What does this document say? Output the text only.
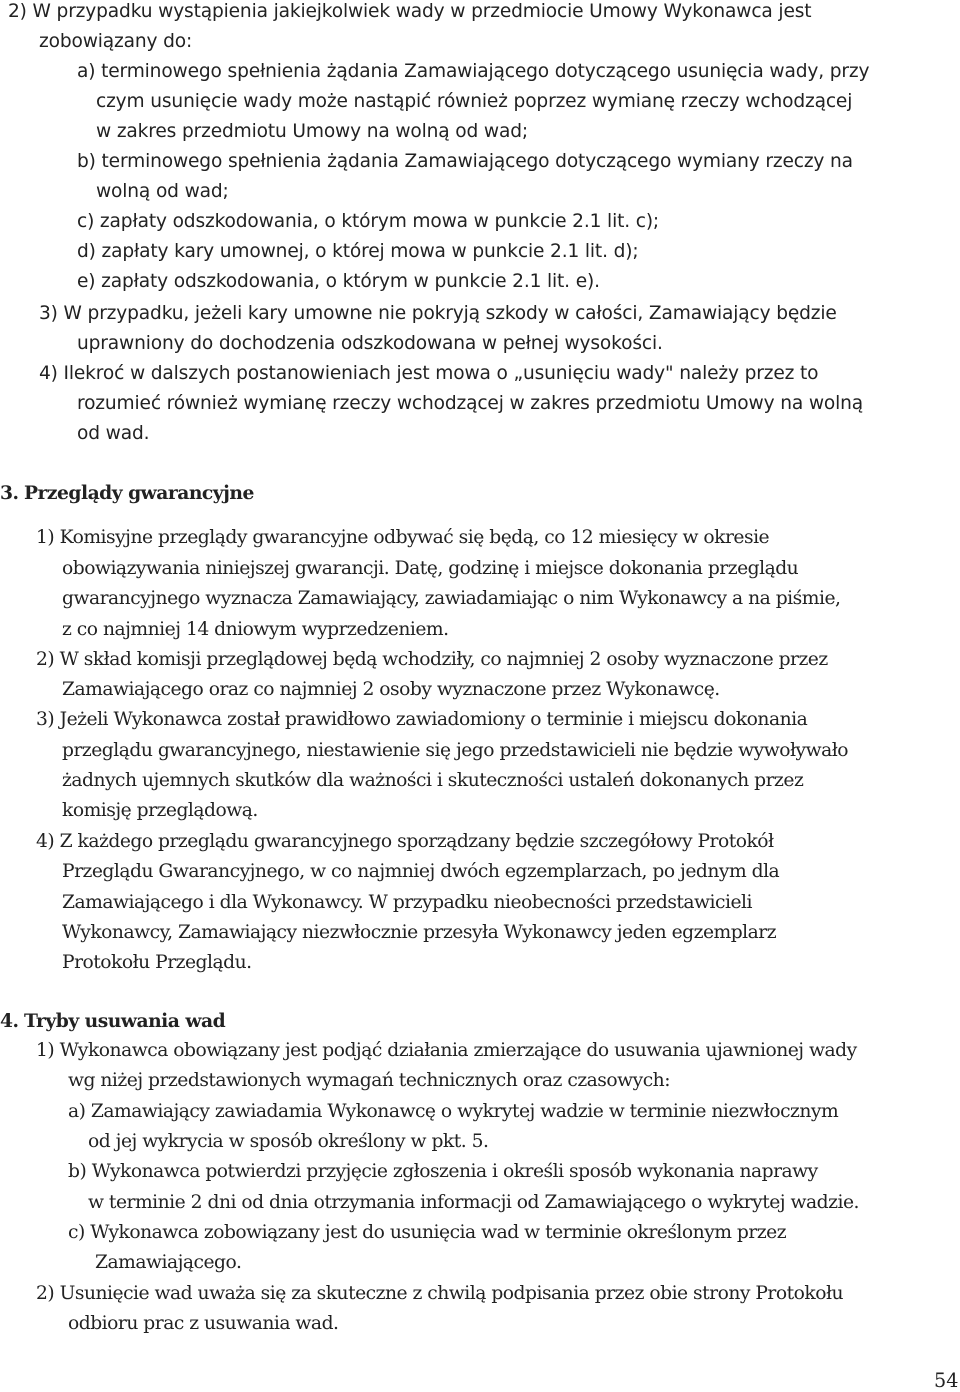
2) W przypadku wystąpienia jakiejkolwiek wady w przedmiocie Umowy Wykonawca jest
zobowiązany do:
a) terminowego spełnienia żądania Zamawiającego dotyczącego usunięcia wady, przy
czym usunięcie wady może nastąpić również poprzez wymianę rzeczy wchodzącej
w zakres przedmiotu Umowy na wolną od wad;
b) terminowego spełnienia żądania Zamawiającego dotyczącego wymiany rzeczy na
wolną od wad;
c) zapłaty odszkodowania, o którym mowa w punkcie 2.1 lit. c);
d) zapłaty kary umownej, o której mowa w punkcie 2.1 lit. d);
e) zapłaty odszkodowania, o którym w punkcie 2.1 lit. e).
3) W przypadku, jeżeli kary umowne nie pokryją szkody w całości, Zamawiający będzie
uprawniony do dochodzenia odszkodowana w pełnej wysokości.
4) Ilekroć w dalszych postanowieniach jest mowa o „usunięciu wady" należy przez to
rozumieć również wymianę rzeczy wchodzącej w zakres przedmiotu Umowy na wolną
od wad.
3. Przeglądy gwarancyjne
1) Komisyjne przeglądy gwarancyjne odbywać się będą, co 12 miesięcy w okresie
obowiązywania niniejszej gwarancji. Datę, godzinę i miejsce dokonania przeglądu
gwarancyjnego wyznacza Zamawiający, zawiadamiając o nim Wykonawcy a na piśmie,
z co najmniej 14 dniowym wyprzedzeniem.
2) W skład komisji przeglądowej będą wchodziły, co najmniej 2 osoby wyznaczone przez
Zamawiającego oraz co najmniej 2 osoby wyznaczone przez Wykonawcę.
3) Jeżeli Wykonawca został prawidłowo zawiadomiony o terminie i miejscu dokonania
przeglądu gwarancyjnego, niestawienie się jego przedstawicieli nie będzie wywoływało
żadnych ujemnych skutków dla ważności i skuteczności ustaleń dokonanych przez
komisję przeglądową.
4) Z każdego przeglądu gwarancyjnego sporządzany będzie szczegółowy Protokół
Przeglądu Gwarancyjnego, w co najmniej dwóch egzemplarzach, po jednym dla
Zamawiającego i dla Wykonawcy. W przypadku nieobecności przedstawicieli
Wykonawcy, Zamawiający niezwłocznie przesyła Wykonawcy jeden egzemplarz
Protokołu Przeglądu.
4. Tryby usuwania wad
1) Wykonawca obowiązany jest podjąć działania zmierzające do usuwania ujawnionej wady
wg niżej przedstawionych wymagań technicznych oraz czasowych:
a) Zamawiający zawiadamia Wykonawcę o wykrytej wadzie w terminie niezwłocznym
od jej wykrycia w sposób określony w pkt. 5.
b) Wykonawca potwierdzi przyjęcie zgłoszenia i określi sposób wykonania naprawy
w terminie 2 dni od dnia otrzymania informacji od Zamawiającego o wykrytej wadzie.
c) Wykonawca zobowiązany jest do usunięcia wad w terminie określonym przez
Zamawiającego.
2) Usunięcie wad uważa się za skuteczne z chwilą podpisania przez obie strony Protokołu
odbioru prac z usuwania wad.
54
